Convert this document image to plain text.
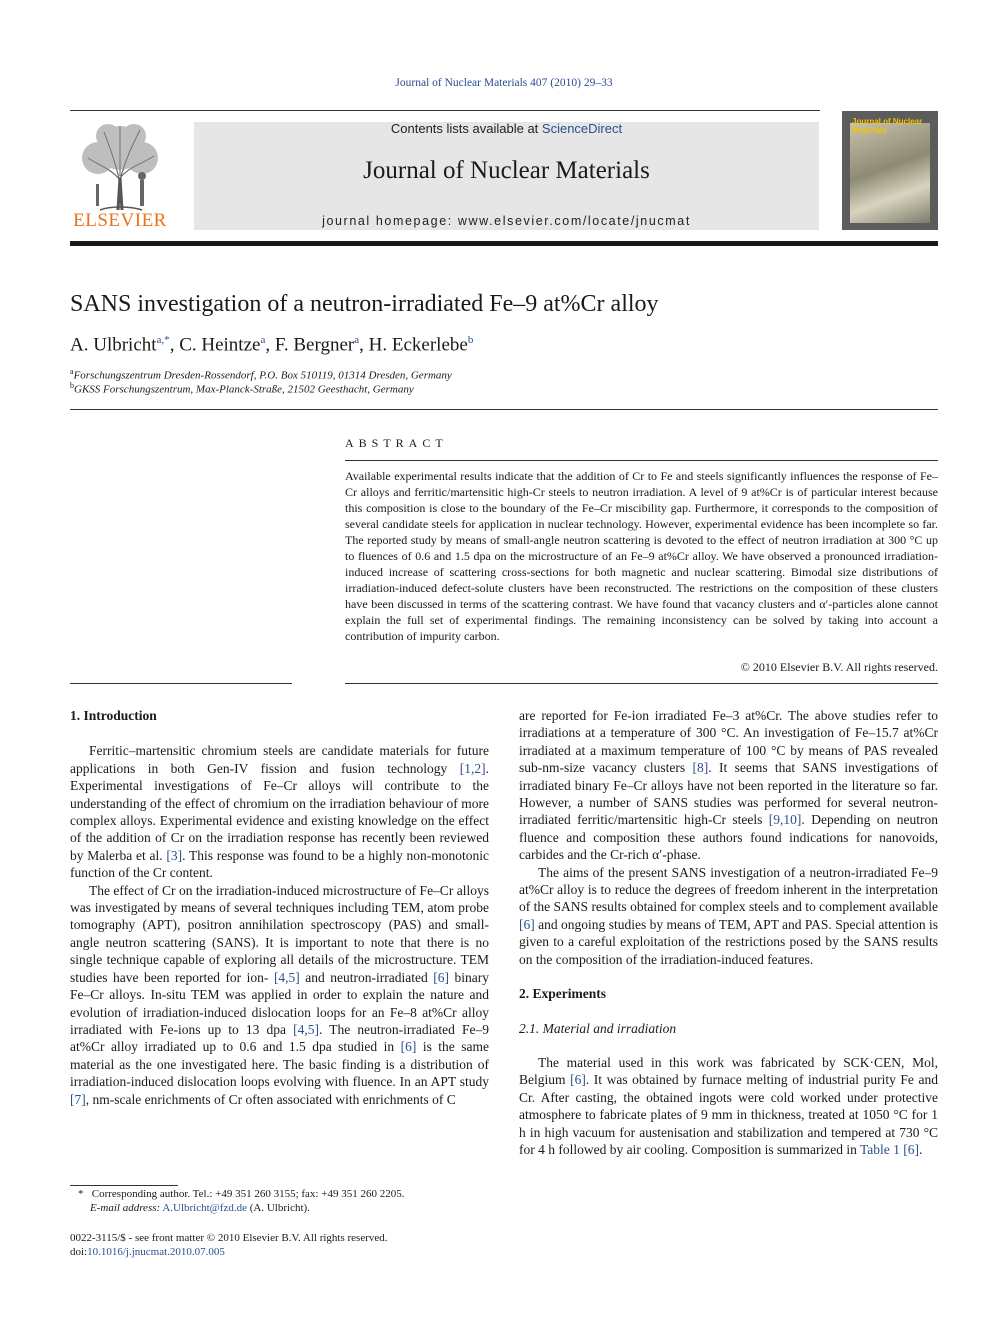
Journal of Nuclear Materials 407 (2010) 29–33
ELSEVIER
Contents lists available at ScienceDirect
Journal of Nuclear Materials
journal homepage: www.elsevier.com/locate/jnucmat
Journal of Nuclear Materials
SANS investigation of a neutron-irradiated Fe–9 at%Cr alloy
A. Ulbricht$^{a,*}$, C. Heintze$^a$, F. Bergner$^a$, H. Eckerlebe$^b$
$^a$Forschungszentrum Dresden-Rossendorf, P.O. Box 510119, 01314 Dresden, Germany
$^b$GKSS Forschungszentrum, Max-Planck-Straße, 21502 Geesthacht, Germany
ABSTRACT
Available experimental results indicate that the addition of Cr to Fe and steels significantly influences the response of Fe–Cr alloys and ferritic/martensitic high-Cr steels to neutron irradiation. A level of 9 at%Cr is of particular interest because this composition is close to the boundary of the Fe–Cr miscibility gap. Furthermore, it corresponds to the composition of several candidate steels for application in nuclear technology. However, experimental evidence has been incomplete so far. The reported study by means of small-angle neutron scattering is devoted to the effect of neutron irradiation at 300 °C up to fluences of 0.6 and 1.5 dpa on the microstructure of an Fe–9 at%Cr alloy. We have observed a pronounced irradiation-induced increase of scattering cross-sections for both magnetic and nuclear scattering. Bimodal size distributions of irradiation-induced defect-solute clusters have been reconstructed. The restrictions on the composition of these clusters have been discussed in terms of the scattering contrast. We have found that vacancy clusters and α′-particles alone cannot explain the full set of experimental findings. The remaining inconsistency can be solved by taking into account a contribution of impurity carbon.
© 2010 Elsevier B.V. All rights reserved.
1. Introduction

Ferritic–martensitic chromium steels are candidate materials for future applications in both Gen-IV fission and fusion technology [1,2]. Experimental investigations of Fe–Cr alloys will contribute to the understanding of the effect of chromium on the irradiation behaviour of more complex alloys. Experimental evidence and existing knowledge on the effect of the addition of Cr on the irradiation response has recently been reviewed by Malerba et al. [3]. This response was found to be a highly non-monotonic function of the Cr content.

The effect of Cr on the irradiation-induced microstructure of Fe–Cr alloys was investigated by means of several techniques including TEM, atom probe tomography (APT), positron annihilation spectroscopy (PAS) and small-angle neutron scattering (SANS). It is important to note that there is no single technique capable of exploring all details of the microstructure. TEM studies have been reported for ion- [4,5] and neutron-irradiated [6] binary Fe–Cr alloys. In-situ TEM was applied in order to explain the nature and evolution of irradiation-induced dislocation loops for an Fe–8 at%Cr alloy irradiated with Fe-ions up to 13 dpa [4,5]. The neutron-irradiated Fe–9 at%Cr alloy irradiated up to 0.6 and 1.5 dpa studied in [6] is the same material as the one investigated here. The basic finding is a distribution of irradiation-induced dislocation loops evolving with fluence. In an APT study [7], nm-scale enrichments of Cr often associated with enrichments of C

are reported for Fe-ion irradiated Fe–3 at%Cr. The above studies refer to irradiations at a temperature of 300 °C. An investigation of Fe–15.7 at%Cr irradiated at a maximum temperature of 100 °C by means of PAS revealed sub-nm-size vacancy clusters [8]. It seems that SANS investigations of irradiated binary Fe–Cr alloys have not been reported in the literature so far. However, a number of SANS studies was performed for several neutron-irradiated ferritic/martensitic high-Cr steels [9,10]. Depending on neutron fluence and composition these authors found indications for nanovoids, carbides and the Cr-rich α′-phase.

The aims of the present SANS investigation of a neutron-irradiated Fe–9 at%Cr alloy is to reduce the degrees of freedom inherent in the interpretation of the SANS results obtained for complex steels and to complement available [6] and ongoing studies by means of TEM, APT and PAS. Special attention is given to a careful exploitation of the restrictions posed by the SANS results on the composition of the irradiation-induced features.

2. Experiments
2.1. Material and irradiation

The material used in this work was fabricated by SCK·CEN, Mol, Belgium [6]. It was obtained by furnace melting of industrial purity Fe and Cr. After casting, the obtained ingots were cold worked under protective atmosphere to fabricate plates of 9 mm in thickness, treated at 1050 °C for 1 h in high vacuum for austenisation and stabilization and tempered at 730 °C for 4 h followed by air cooling. Composition is summarized in Table 1 [6].

* Corresponding author. Tel.: +49 351 260 3155; fax: +49 351 260 2205.
E-mail address: A.Ulbricht@fzd.de (A. Ulbricht).
0022-3115/$ - see front matter © 2010 Elsevier B.V. All rights reserved.
doi:10.1016/j.jnucmat.2010.07.005
